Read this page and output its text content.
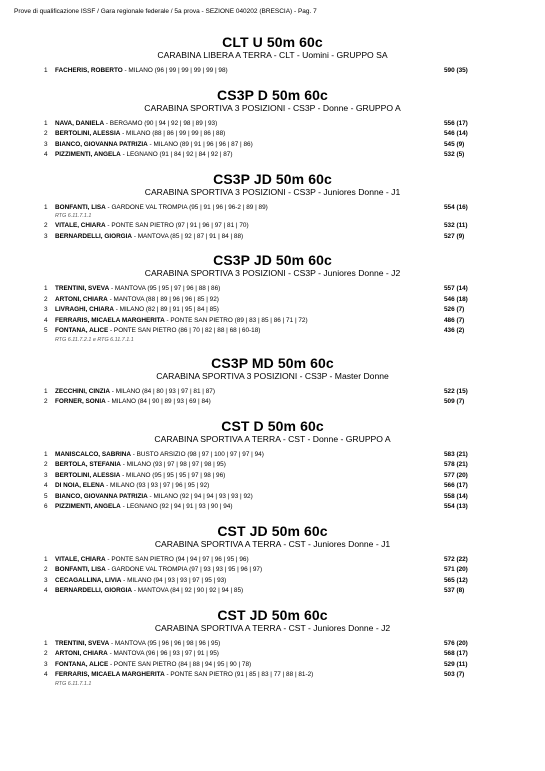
Prove di qualificazione ISSF / Gara regionale federale / 5a prova - SEZIONE 040202 (BRESCIA) - Pag. 7
CLT U 50m 60c
CARABINA LIBERA A TERRA - CLT - Uomini - GRUPPO SA
1 FACHERIS, ROBERTO - MILANO (96 | 99 | 99 | 99 | 99 | 98)	590 (35)
CS3P D 50m 60c
CARABINA SPORTIVA 3 POSIZIONI - CS3P - Donne - GRUPPO A
1 NAVA, DANIELA - BERGAMO (90 | 94 | 92 | 98 | 89 | 93)	556 (17)
2 BERTOLINI, ALESSIA - MILANO (88 | 86 | 99 | 99 | 86 | 88)	546 (14)
3 BIANCO, GIOVANNA PATRIZIA - MILANO (89 | 91 | 96 | 96 | 87 | 86)	545 (9)
4 PIZZIMENTI, ANGELA - LEGNANO (91 | 84 | 92 | 84 | 92 | 87)	532 (5)
CS3P JD 50m 60c
CARABINA SPORTIVA 3 POSIZIONI - CS3P - Juniores Donne - J1
1 BONFANTI, LISA - GARDONE VAL TROMPIA (95 | 91 | 96 | 96-2 | 89 | 89)	554 (16)
RTG 6.11.7.1.1
2 VITALE, CHIARA - PONTE SAN PIETRO (97 | 91 | 96 | 97 | 81 | 70)	532 (11)
3 BERNARDELLI, GIORGIA - MANTOVA (85 | 92 | 87 | 91 | 84 | 88)	527 (9)
CS3P JD 50m 60c
CARABINA SPORTIVA 3 POSIZIONI - CS3P - Juniores Donne - J2
1 TRENTINI, SVEVA - MANTOVA (95 | 95 | 97 | 96 | 88 | 86)	557 (14)
2 ARTONI, CHIARA - MANTOVA (88 | 89 | 96 | 96 | 85 | 92)	546 (18)
3 LIVRAGHI, CHIARA - MILANO (82 | 89 | 91 | 95 | 84 | 85)	526 (7)
4 FERRARIS, MICAELA MARGHERITA - PONTE SAN PIETRO (89 | 83 | 85 | 86 | 71 | 72)	486 (7)
5 FONTANA, ALICE - PONTE SAN PIETRO (86 | 70 | 82 | 88 | 68 | 60-18)	436 (2)
RTG 6.11.7.2.1 e RTG 6.11.7.1.1
CS3P MD 50m 60c
CARABINA SPORTIVA 3 POSIZIONI - CS3P - Master Donne
1 ZECCHINI, CINZIA - MILANO (84 | 80 | 93 | 97 | 81 | 87)	522 (15)
2 FORNER, SONIA - MILANO (84 | 90 | 89 | 93 | 69 | 84)	509 (7)
CST D 50m 60c
CARABINA SPORTIVA A TERRA - CST - Donne - GRUPPO A
1 MANISCALCO, SABRINA - BUSTO ARSIZIO (98 | 97 | 100 | 97 | 97 | 94)	583 (21)
2 BERTOLA, STEFANIA - MILANO (93 | 97 | 98 | 97 | 98 | 95)	578 (21)
3 BERTOLINI, ALESSIA - MILANO (95 | 95 | 95 | 97 | 98 | 96)	577 (20)
4 DI NOIA, ELENA - MILANO (93 | 93 | 97 | 96 | 95 | 92)	566 (17)
5 BIANCO, GIOVANNA PATRIZIA - MILANO (92 | 94 | 94 | 93 | 93 | 92)	558 (14)
6 PIZZIMENTI, ANGELA - LEGNANO (92 | 94 | 91 | 93 | 90 | 94)	554 (13)
CST JD 50m 60c
CARABINA SPORTIVA A TERRA - CST - Juniores Donne - J1
1 VITALE, CHIARA - PONTE SAN PIETRO (94 | 94 | 97 | 96 | 95 | 96)	572 (22)
2 BONFANTI, LISA - GARDONE VAL TROMPIA (97 | 93 | 93 | 95 | 96 | 97)	571 (20)
3 CECAGALLINA, LIVIA - MILANO (94 | 93 | 93 | 97 | 95 | 93)	565 (12)
4 BERNARDELLI, GIORGIA - MANTOVA (84 | 92 | 90 | 92 | 94 | 85)	537 (8)
CST JD 50m 60c
CARABINA SPORTIVA A TERRA - CST - Juniores Donne - J2
1 TRENTINI, SVEVA - MANTOVA (95 | 96 | 96 | 98 | 96 | 95)	576 (20)
2 ARTONI, CHIARA - MANTOVA (96 | 96 | 93 | 97 | 91 | 95)	568 (17)
3 FONTANA, ALICE - PONTE SAN PIETRO (84 | 88 | 94 | 95 | 90 | 78)	529 (11)
4 FERRARIS, MICAELA MARGHERITA - PONTE SAN PIETRO (91 | 85 | 83 | 77 | 88 | 81-2)	503 (7)
RTG 6.11.7.1.1
